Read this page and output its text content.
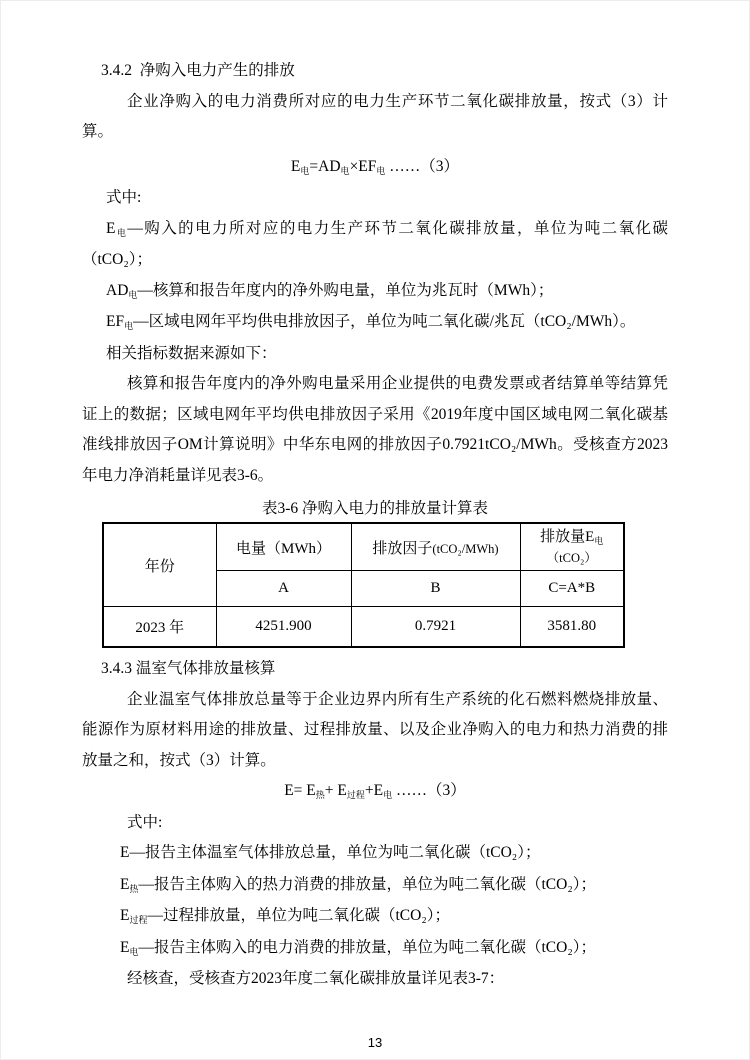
3.4.2  净购入电力产生的排放

企业净购入的电力消费所对应的电力生产环节二氧化碳排放量，按式（3）计算。

$E_电=AD_电\times EF_电$ ……（3）

式中:

$E_电—$购入的电力所对应的电力生产环节二氧化碳排放量，单位为吨二氧化碳（tCO₂）；

$AD_电—$核算和报告年度内的净外购电量，单位为兆瓦时（MWh）；

$EF_电—$区域电网年平均供电排放因子，单位为吨二氧化碳/兆瓦（tCO₂/MWh）。

相关指标数据来源如下：

核算和报告年度内的净外购电量采用企业提供的电费发票或者结算单等结算凭证上的数据；区域电网年平均供电排放因子采用《2019年度中国区域电网二氧化碳基准线排放因子OM计算说明》中华东电网的排放因子0.7921tCO₂/MWh。受核查方2023年电力净消耗量详见表3-6。

表3-6 净购入电力的排放量计算表
年份	电量（MWh）	排放因子(tCO₂/MWh)	排放量$E_电$
（tCO₂）

	A	B	C=A*B
2023 年	4251.900	0.7921	3581.80
3.4.3 温室气体排放量核算

企业温室气体排放总量等于企业边界内所有生产系统的化石燃料燃烧排放量、能源作为原材料用途的排放量、过程排放量、以及企业净购入的电力和热力消费的排放量之和，按式（3）计算。

$E= E_热+ E_{过程}+E_电$ ……（3）

式中:

E—报告主体温室气体排放总量，单位为吨二氧化碳（tCO₂）；

$E_热—$报告主体购入的热力消费的排放量，单位为吨二氧化碳（tCO₂）；

$E_{过程}—$过程排放量，单位为吨二氧化碳（tCO₂）；

$E_电—$报告主体购入的电力消费的排放量，单位为吨二氧化碳（tCO₂）；

经核查，受核查方2023年度二氧化碳排放量详见表3-7：

13
